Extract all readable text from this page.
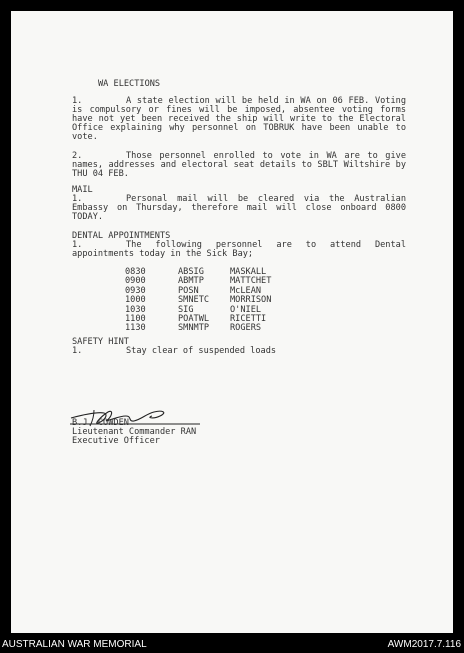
WA ELECTIONS
1.	A state election will be held in WA on 06 FEB. Voting is compulsory or fines will be imposed, absentee voting forms have not yet been received the ship will write to the Electoral Office explaining why personnel on TOBRUK have been unable to vote.
2.	Those personnel enrolled to vote in WA are to give names, addresses and electoral seat details to SBLT Wiltshire by THU 04 FEB.
MAIL
1.	Personal mail will be cleared via the Australian Embassy on Thursday, therefore mail will close onboard 0800 TODAY.
DENTAL APPOINTMENTS
1.	The following personnel are to attend Dental appointments today in the Sick Bay;
0830	ABSIG	MASKALL
0900	ABMTP	MATTCHET
0930	POSN	McLEAN
1000	SMNETC	MORRISON
1030	SIG	O'NIEL
1100	POATWL	RICETTI
1130	SMNMTP	ROGERS
SAFETY HINT
1.	Stay clear of suspended loads
B.J. COWDEN
Lieutenant Commander RAN
Executive Officer
AUSTRALIAN WAR MEMORIAL	AWM2017.7.116
